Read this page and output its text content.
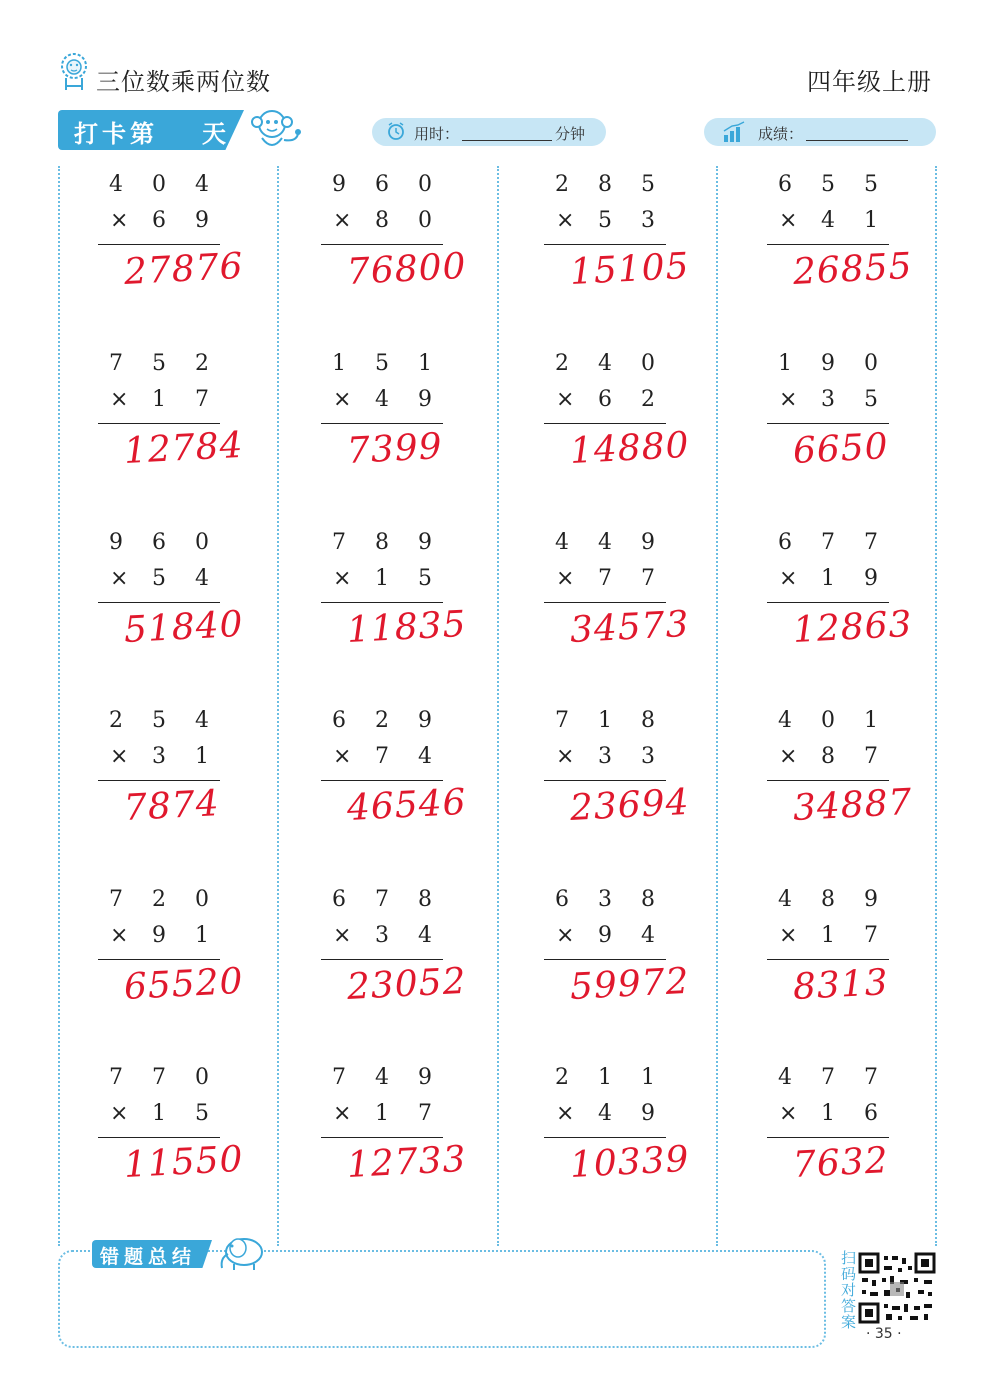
三位数乘两位数	四年级上册
打卡第 天	用时：	分钟	成绩：
4 0 4
× 6 9
27876
7 5 2
× 1 7
12784
9 6 0
× 5 4
51840
2 5 4
× 3 1
7874
7 2 0
× 9 1
65520
7 7 0
× 1 5
11550
9 6 0
× 8 0
76800
1 5 1
× 4 9
7399
7 8 9
× 1 5
11835
6 2 9
× 7 4
46546
6 7 8
× 3 4
23052
7 4 9
× 1 7
12733
2 8 5
× 5 3
15105
2 4 0
× 6 2
14880
4 4 9
× 7 7
34573
7 1 8
× 3 3
23694
6 3 8
× 9 4
59972
2 1 1
× 4 9
10339
6 5 5
× 4 1
26855
1 9 0
× 3 5
6650
6 7 7
× 1 9
12863
4 0 1
× 8 7
34887
4 8 9
× 1 7
8313
4 7 7
× 1 6
7632
错题总结	扫码对答案
· 35 ·
